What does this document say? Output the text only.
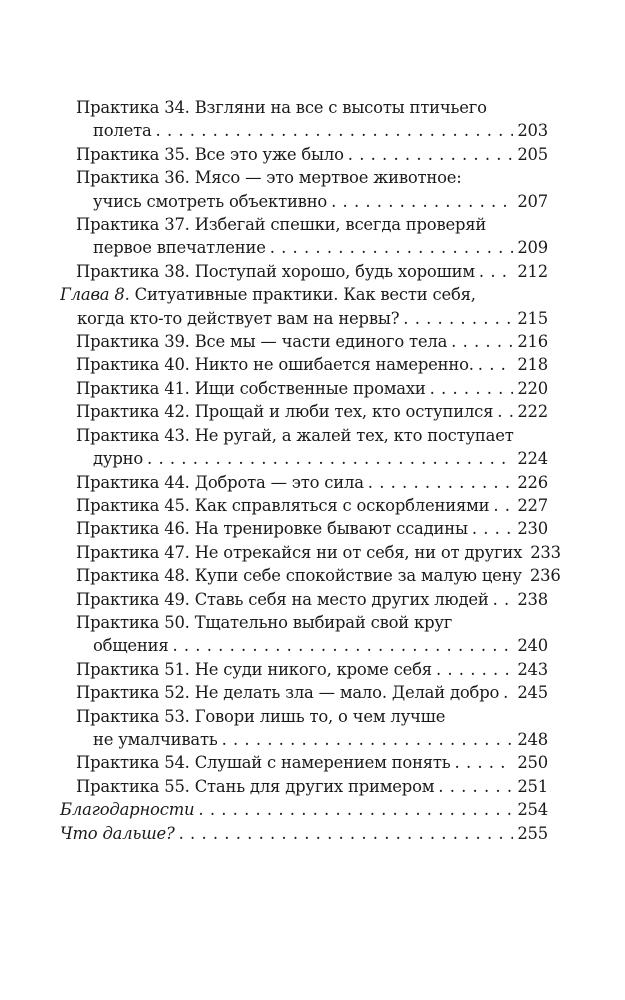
Практика 34. Взгляни на все с высоты птичьего
полета . . .	203
Практика 35. Все это уже было . . .	205
Практика 36. Мясо — это мертвое животное:
учись смотреть объективно . . .	207
Практика 37. Избегай спешки, всегда проверяй
первое впечатление . . .	209
Практика 38. Поступай хорошо, будь хорошим . . .	212
Глава 8. Ситуативные практики. Как вести себя,
когда кто-то действует вам на нервы? . . .	215
Практика 39. Все мы — части единого тела . . .	216
Практика 40. Никто не ошибается намеренно. . . .	218
Практика 41. Ищи собственные промахи . . .	220
Практика 42. Прощай и люби тех, кто оступился . . . 222
Практика 43. Не ругай, а жалей тех, кто поступает
дурно . . .	224
Практика 44. Доброта — это сила . . .	226
Практика 45. Как справляться с оскорблениями . . . 227
Практика 46. На тренировке бывают ссадины . . .	230
Практика 47. Не отрекайся ни от себя, ни от других 233
Практика 48. Купи себе спокойствие за малую цену 236
Практика 49. Ставь себя на место других людей . . . 238
Практика 50. Тщательно выбирай свой круг
общения . . .	240
Практика 51. Не суди никого, кроме себя . . .	243
Практика 52. Не делать зла — мало. Делай добро . . . 245
Практика 53. Говори лишь то, о чем лучше
не умалчивать . . .	248
Практика 54. Слушай с намерением понять . . .	250
Практика 55. Стань для других примером . . .	251
Благодарности . . .	254
Что дальше? . . .	255
